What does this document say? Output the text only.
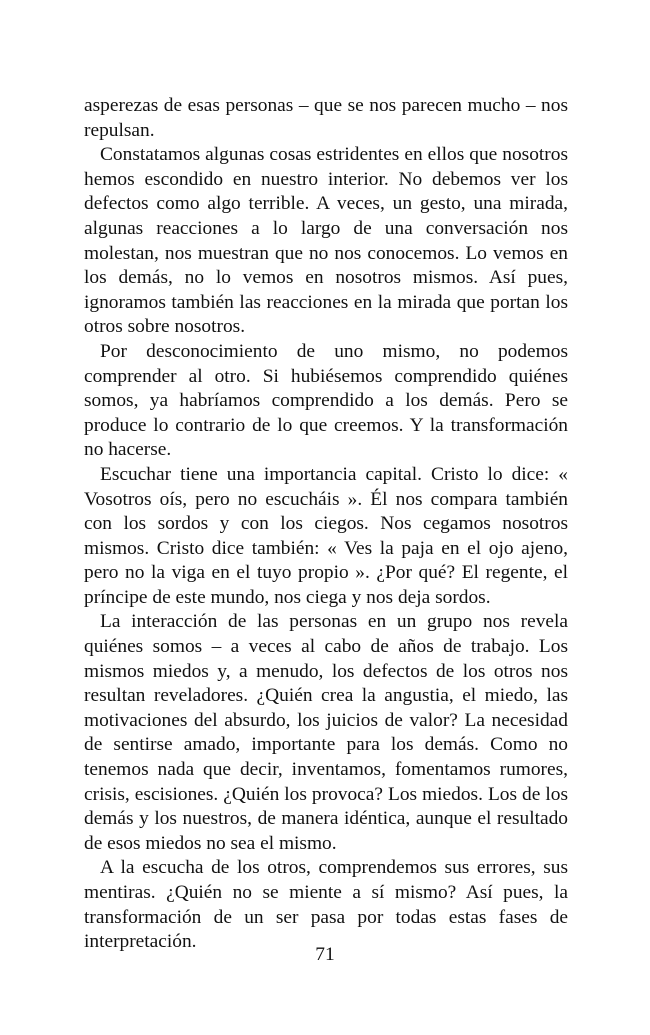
asperezas de esas personas – que se nos parecen mucho – nos repulsan.

Constatamos algunas cosas estridentes en ellos que nosotros hemos escondido en nuestro interior. No debemos ver los defectos como algo terrible. A veces, un gesto, una mirada, algunas reacciones a lo largo de una conversación nos molestan, nos muestran que no nos conocemos. Lo vemos en los demás, no lo vemos en nosotros mismos. Así pues, ignoramos también las reacciones en la mirada que portan los otros sobre nosotros.

Por desconocimiento de uno mismo, no podemos comprender al otro. Si hubiésemos comprendido quiénes somos, ya habríamos comprendido a los demás. Pero se produce lo contrario de lo que creemos. Y la transformación no hacerse.

Escuchar tiene una importancia capital. Cristo lo dice: « Vosotros oís, pero no escucháis ». Él nos compara también con los sordos y con los ciegos. Nos cegamos nosotros mismos. Cristo dice también: « Ves la paja en el ojo ajeno, pero no la viga en el tuyo propio ». ¿Por qué? El regente, el príncipe de este mundo, nos ciega y nos deja sordos.

La interacción de las personas en un grupo nos revela quiénes somos – a veces al cabo de años de trabajo. Los mismos miedos y, a menudo, los defectos de los otros nos resultan reveladores. ¿Quién crea la angustia, el miedo, las motivaciones del absurdo, los juicios de valor? La necesidad de sentirse amado, importante para los demás. Como no tenemos nada que decir, inventamos, fomentamos rumores, crisis, escisiones. ¿Quién los provoca? Los miedos. Los de los demás y los nuestros, de manera idéntica, aunque el resultado de esos miedos no sea el mismo.

A la escucha de los otros, comprendemos sus errores, sus mentiras. ¿Quién no se miente a sí mismo? Así pues, la transformación de un ser pasa por todas estas fases de interpretación.

71
